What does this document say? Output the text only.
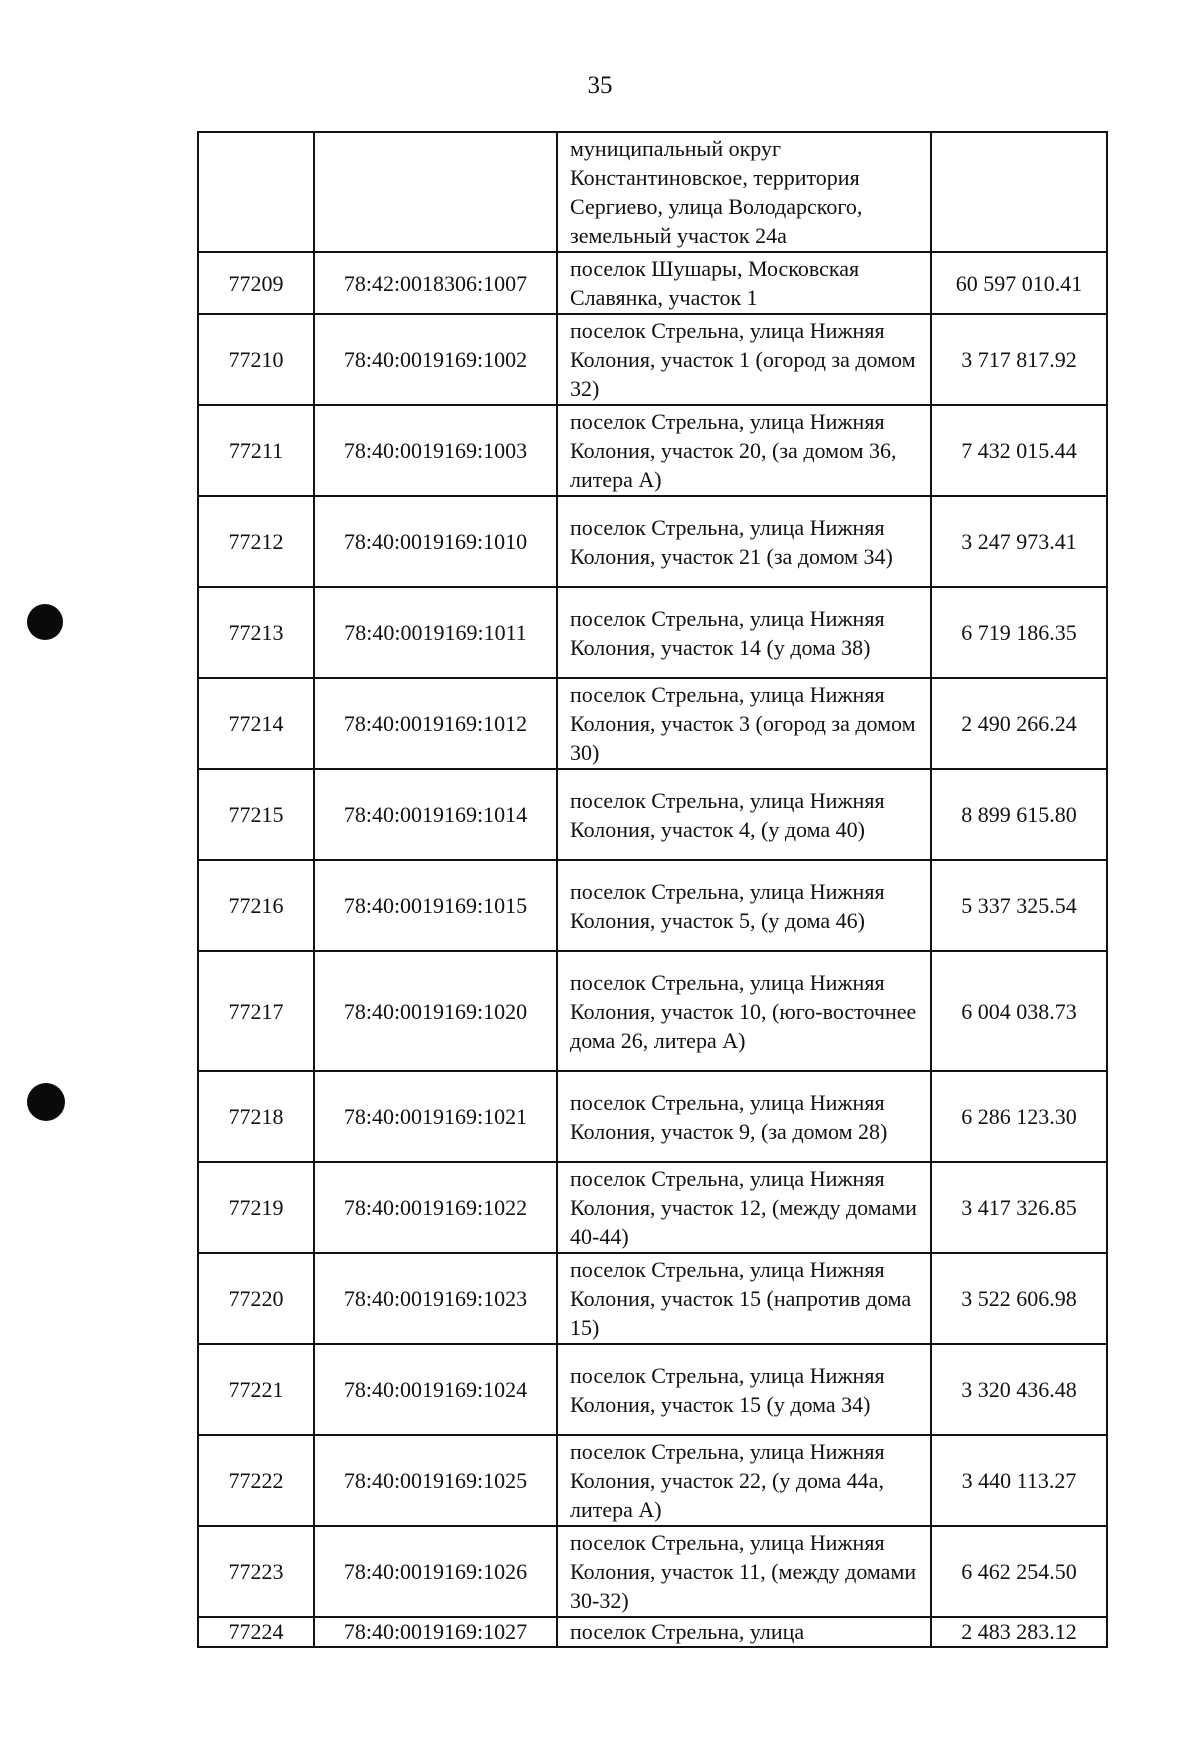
35

		муниципальный округ Константиновское, территория Сергиево, улица Володарского, земельный участок 24а	

77209	78:42:0018306:1007	поселок Шушары, Московская Славянка, участок 1	60 597 010.41
77210	78:40:0019169:1002	поселок Стрельна, улица Нижняя Колония, участок 1 (огород за домом 32)	3 717 817.92
77211	78:40:0019169:1003	поселок Стрельна, улица Нижняя Колония, участок 20, (за домом 36, литера А)	7 432 015.44
77212	78:40:0019169:1010	поселок Стрельна, улица Нижняя Колония, участок 21 (за домом 34)	3 247 973.41
77213	78:40:0019169:1011	поселок Стрельна, улица Нижняя Колония, участок 14 (у дома 38)	6 719 186.35
77214	78:40:0019169:1012	поселок Стрельна, улица Нижняя Колония, участок 3 (огород за домом 30)	2 490 266.24
77215	78:40:0019169:1014	поселок Стрельна, улица Нижняя Колония, участок 4, (у дома 40)	8 899 615.80
77216	78:40:0019169:1015	поселок Стрельна, улица Нижняя Колония, участок 5, (у дома 46)	5 337 325.54
77217	78:40:0019169:1020	поселок Стрельна, улица Нижняя Колония, участок 10, (юго-восточнее дома 26, литера А)	6 004 038.73
77218	78:40:0019169:1021	поселок Стрельна, улица Нижняя Колония, участок 9, (за домом 28)	6 286 123.30
77219	78:40:0019169:1022	поселок Стрельна, улица Нижняя Колония, участок 12, (между домами 40-44)	3 417 326.85
77220	78:40:0019169:1023	поселок Стрельна, улица Нижняя Колония, участок 15 (напротив дома 15)	3 522 606.98
77221	78:40:0019169:1024	поселок Стрельна, улица Нижняя Колония, участок 15 (у дома 34)	3 320 436.48
77222	78:40:0019169:1025	поселок Стрельна, улица Нижняя Колония, участок 22, (у дома 44а, литера А)	3 440 113.27
77223	78:40:0019169:1026	поселок Стрельна, улица Нижняя Колония, участок 11, (между домами 30-32)	6 462 254.50
77224	78:40:0019169:1027	поселок Стрельна, улица	2 483 283.12
